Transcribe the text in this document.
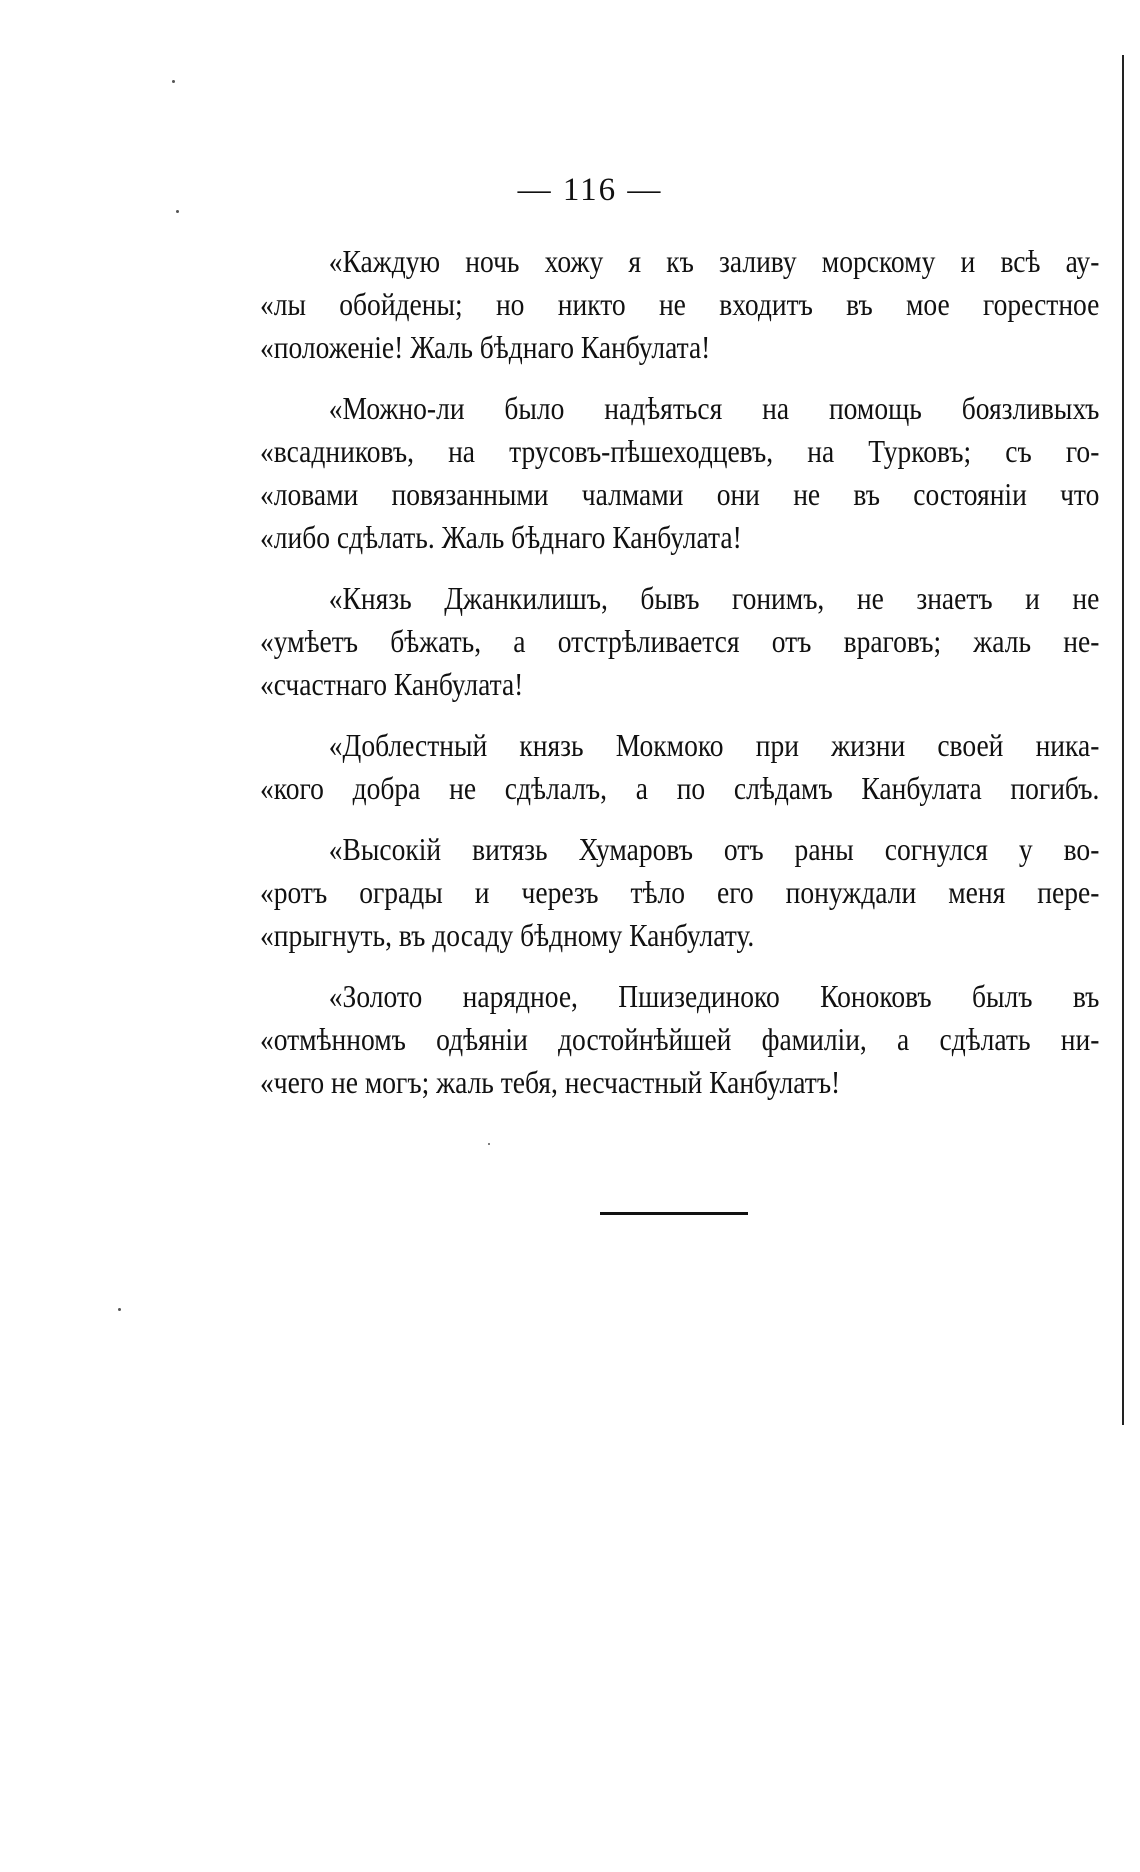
— 116 —
«Каждую ночь хожу я къ заливу морскому и всѣ ау-
«лы обойдены; но никто не входитъ въ мое горестное
«положеніе! Жаль бѣднаго Канбулата!
«Можно-ли было надѣяться на помощь боязливыхъ
«всадниковъ, на трусовъ-пѣшеходцевъ, на Турковъ; съ го-
«ловами повязанными чалмами они не въ состояніи что
«либо сдѣлать. Жаль бѣднаго Канбулата!
«Князь Джанкилишъ, бывъ гонимъ, не знаетъ и не
«умѣетъ бѣжать, а отстрѣливается отъ враговъ; жаль не-
«счастнаго Канбулата!
«Доблестный князь Мокмоко при жизни своей ника-
«кого добра не сдѣлалъ, а по слѣдамъ Канбулата погибъ.
«Высокій витязь Хумаровъ отъ раны согнулся у во-
«ротъ ограды и черезъ тѣло его понуждали меня пере-
«прыгнуть, въ досаду бѣдному Канбулату.
«Золото нарядное, Пшизединоко Коноковъ былъ въ
«отмѣнномъ одѣяніи достойнѣйшей фамиліи, а сдѣлать ни-
«чего не могъ; жаль тебя, несчастный Канбулатъ!
